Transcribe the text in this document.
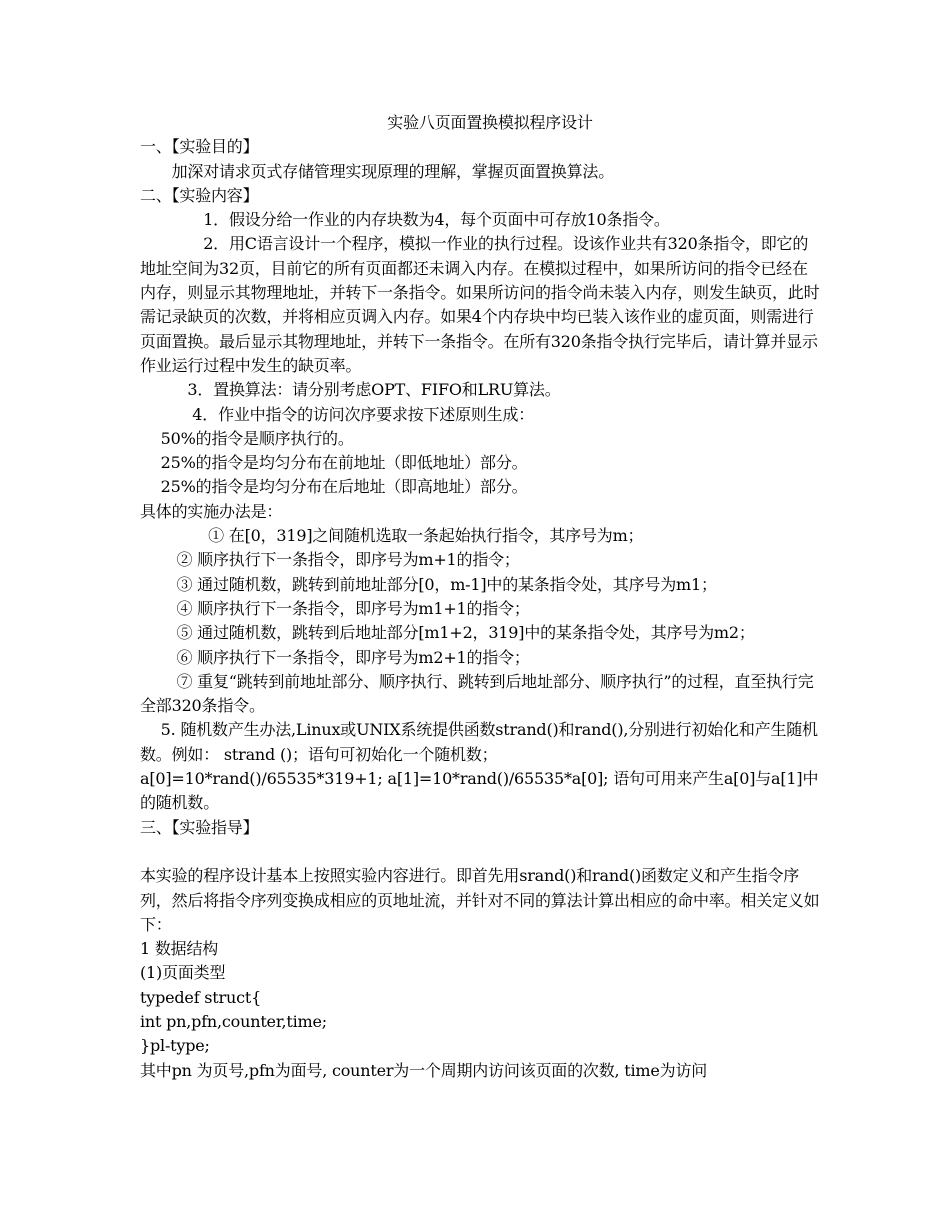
实验八页面置换模拟程序设计

一、【实验目的】

　　加深对请求页式存储管理实现原理的理解，掌握页面置换算法。

二、【实验内容】

　　　　1．假设分给一作业的内存块数为4，每个页面中可存放10条指令。

　　　　2．用C语言设计一个程序，模拟一作业的执行过程。设该作业共有320条指令，即它的地址空间为32页，目前它的所有页面都还未调入内存。在模拟过程中，如果所访问的指令已经在内存，则显示其物理地址，并转下一条指令。如果所访问的指令尚未装入内存，则发生缺页，此时需记录缺页的次数，并将相应页调入内存。如果4个内存块中均已装入该作业的虚页面，则需进行页面置换。最后显示其物理地址，并转下一条指令。在所有320条指令执行完毕后，请计算并显示作业运行过程中发生的缺页率。

　　　3．置换算法：请分别考虑OPT、FIFO和LRU算法。

　　　 4．作业中指令的访问次序要求按下述原则生成：

　 50%的指令是顺序执行的。

　 25%的指令是均匀分布在前地址（即低地址）部分。

　 25%的指令是均匀分布在后地址（即高地址）部分。

具体的实施办法是：

　　　　 ① 在[0，319]之间随机选取一条起始执行指令，其序号为m；

　　 ② 顺序执行下一条指令，即序号为m+1的指令；

　　 ③ 通过随机数，跳转到前地址部分[0，m-1]中的某条指令处，其序号为m1；

　　 ④ 顺序执行下一条指令，即序号为m1+1的指令；

　　 ⑤ 通过随机数，跳转到后地址部分[m1+2，319]中的某条指令处，其序号为m2；

　　 ⑥ 顺序执行下一条指令，即序号为m2+1的指令；

　　 ⑦ 重复“跳转到前地址部分、顺序执行、跳转到后地址部分、顺序执行”的过程，直至执行完全部320条指令。

　 5. 随机数产生办法,Linux或UNIX系统提供函数strand()和rand(),分别进行初始化和产生随机数。例如： strand ()；语句可初始化一个随机数；

a[0]=10*rand()/65535*319+1; a[1]=10*rand()/65535*a[0]; 语句可用来产生a[0]与a[1]中的随机数。

三、【实验指导】

本实验的程序设计基本上按照实验内容进行。即首先用srand()和rand()函数定义和产生指令序列，然后将指令序列变换成相应的页地址流，并针对不同的算法计算出相应的命中率。相关定义如下：

1 数据结构

(1)页面类型

typedef struct{

int pn,pfn,counter,time;

}pl-type;

其中pn 为页号,pfn为面号, counter为一个周期内访问该页面的次数, time为访问
